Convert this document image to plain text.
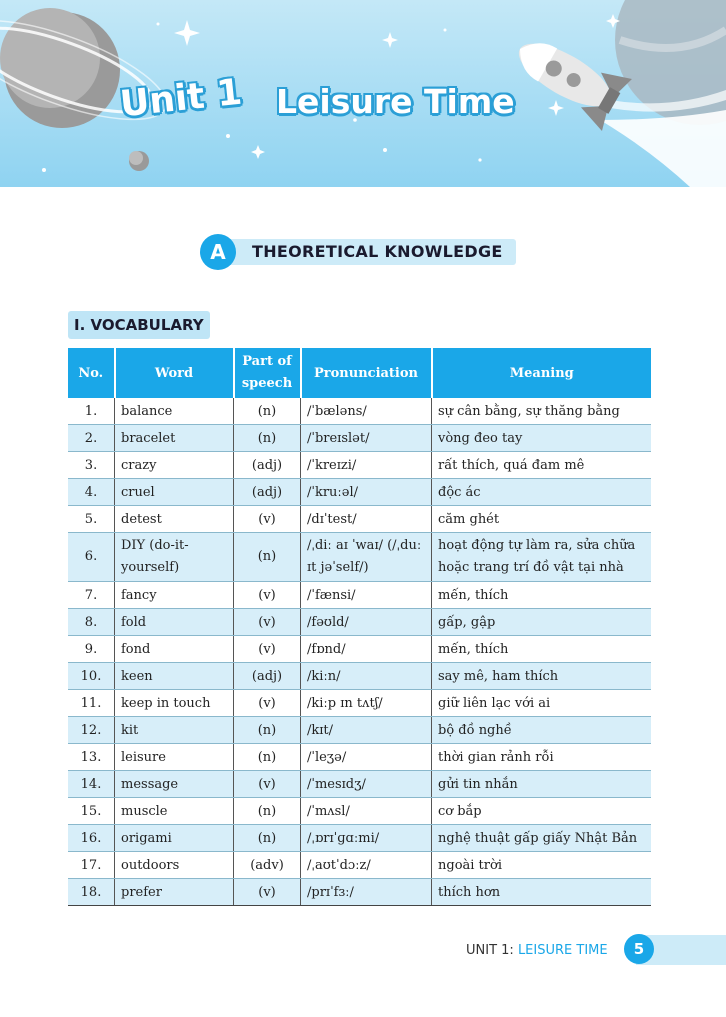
Unit 1 Leisure Time
A	THEORETICAL KNOWLEDGE
I. VOCABULARY
No.	Word	Part of speech	Pronunciation	Meaning
1.	balance	(n)	/ˈbæləns/	sự cân bằng, sự thăng bằng
2.	bracelet	(n)	/ˈbreɪslət/	vòng đeo tay
3.	crazy	(adj)	/ˈkreɪzi/	rất thích, quá đam mê
4.	cruel	(adj)	/ˈkruːəl/	độc ác
5.	detest	(v)	/dɪˈtest/	căm ghét
6.	DIY (do-it-yourself)	(n)	/ˌdiː aɪ ˈwaɪ/ (/ˌduː ɪt jəˈself/)	hoạt động tự làm ra, sửa chữa hoặc trang trí đồ vật tại nhà
7.	fancy	(v)	/ˈfænsi/	mến, thích
8.	fold	(v)	/fəʊld/	gấp, gập
9.	fond	(v)	/fɒnd/	mến, thích
10.	keen	(adj)	/kiːn/	say mê, ham thích
11.	keep in touch	(v)	/kiːp ɪn tʌtʃ/	giữ liên lạc với ai
12.	kit	(n)	/kɪt/	bộ đồ nghề
13.	leisure	(n)	/ˈleʒə/	thời gian rảnh rỗi
14.	message	(v)	/ˈmesɪdʒ/	gửi tin nhắn
15.	muscle	(n)	/ˈmʌsl/	cơ bắp
16.	origami	(n)	/ˌɒrɪˈɡɑːmi/	nghệ thuật gấp giấy Nhật Bản
17.	outdoors	(adv)	/ˌaʊtˈdɔːz/	ngoài trời
18.	prefer	(v)	/prɪˈfɜː/	thích hơn
UNIT 1: LEISURE TIME	5
